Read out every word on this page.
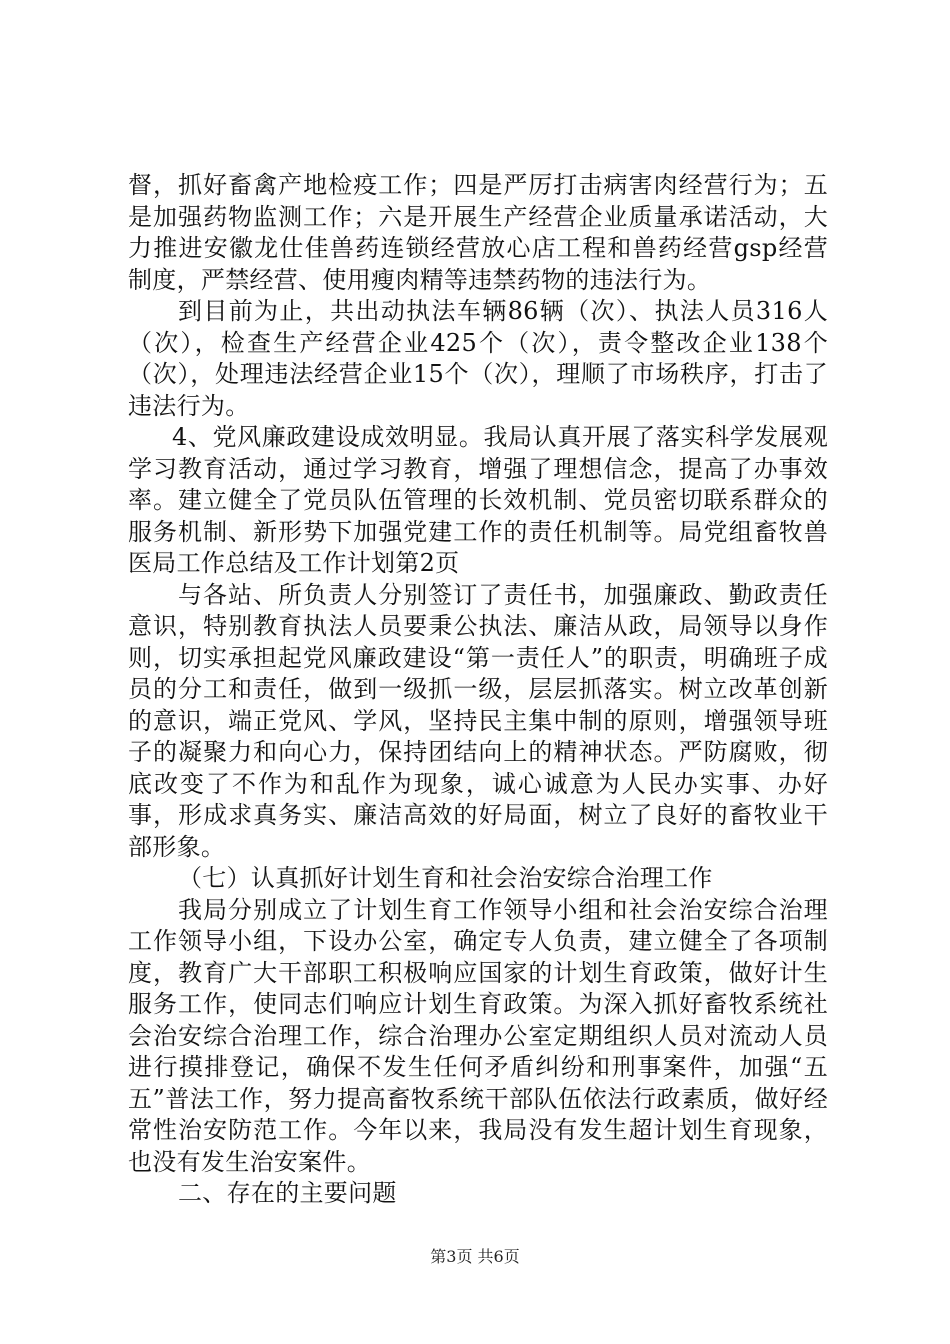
督，抓好畜禽产地检疫工作；四是严厉打击病害肉经营行为；五是加强药物监测工作；六是开展生产经营企业质量承诺活动，大力推进安徽龙仕佳兽药连锁经营放心店工程和兽药经营gsp经营制度，严禁经营、使用瘦肉精等违禁药物的违法行为。

到目前为止，共出动执法车辆86辆（次）、执法人员316人（次），检查生产经营企业425个（次），责令整改企业138个（次），处理违法经营企业15个（次），理顺了市场秩序，打击了违法行为。

4、党风廉政建设成效明显。我局认真开展了落实科学发展观学习教育活动，通过学习教育，增强了理想信念，提高了办事效率。建立健全了党员队伍管理的长效机制、党员密切联系群众的服务机制、新形势下加强党建工作的责任机制等。局党组畜牧兽医局工作总结及工作计划第2页

与各站、所负责人分别签订了责任书，加强廉政、勤政责任意识，特别教育执法人员要秉公执法、廉洁从政，局领导以身作则，切实承担起党风廉政建设“第一责任人”的职责，明确班子成员的分工和责任，做到一级抓一级，层层抓落实。树立改革创新的意识，端正党风、学风，坚持民主集中制的原则，增强领导班子的凝聚力和向心力，保持团结向上的精神状态。严防腐败，彻底改变了不作为和乱作为现象，诚心诚意为人民办实事、办好事，形成求真务实、廉洁高效的好局面，树立了良好的畜牧业干部形象。

（七）认真抓好计划生育和社会治安综合治理工作

我局分别成立了计划生育工作领导小组和社会治安综合治理工作领导小组，下设办公室，确定专人负责，建立健全了各项制度，教育广大干部职工积极响应国家的计划生育政策，做好计生服务工作，使同志们响应计划生育政策。为深入抓好畜牧系统社会治安综合治理工作，综合治理办公室定期组织人员对流动人员进行摸排登记，确保不发生任何矛盾纠纷和刑事案件，加强“五五”普法工作，努力提高畜牧系统干部队伍依法行政素质，做好经常性治安防范工作。今年以来，我局没有发生超计划生育现象，也没有发生治安案件。

二、存在的主要问题

第3页 共6页
